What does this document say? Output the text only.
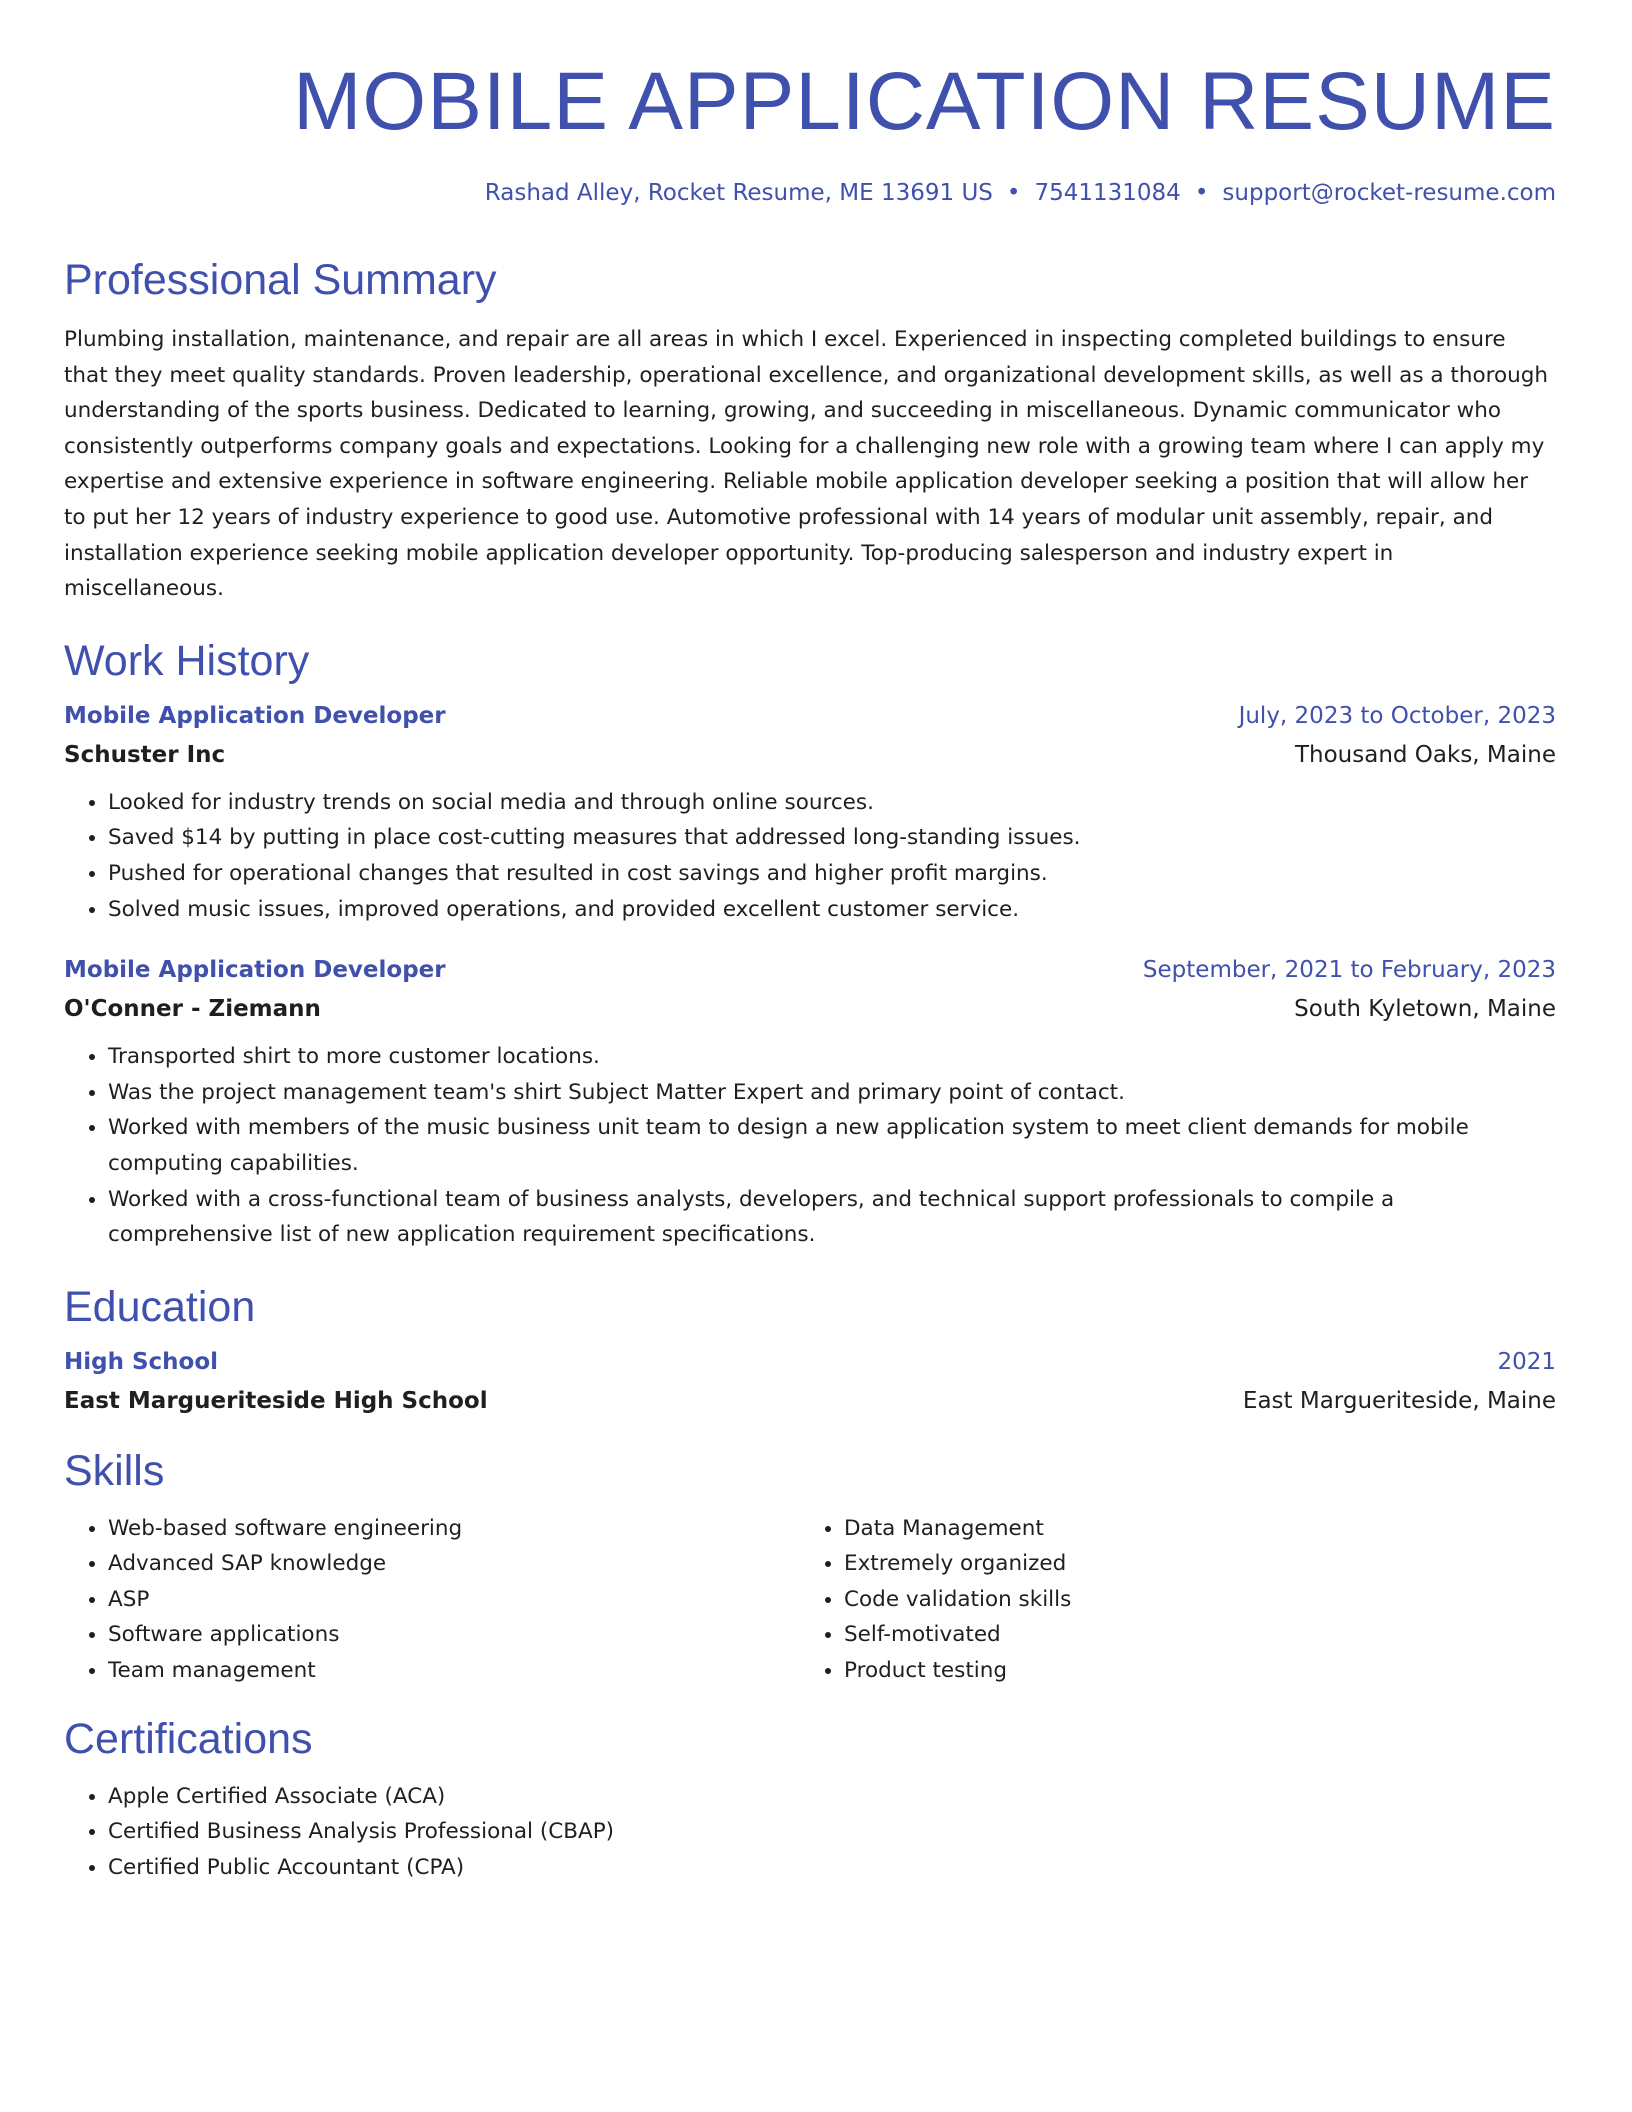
MOBILE APPLICATION RESUME
Rashad Alley, Rocket Resume, ME 13691 US • 7541131084 • support@rocket-resume.com
Professional Summary
Plumbing installation, maintenance, and repair are all areas in which I excel. Experienced in inspecting completed buildings to ensure that they meet quality standards. Proven leadership, operational excellence, and organizational development skills, as well as a thorough understanding of the sports business. Dedicated to learning, growing, and succeeding in miscellaneous. Dynamic communicator who consistently outperforms company goals and expectations. Looking for a challenging new role with a growing team where I can apply my expertise and extensive experience in software engineering. Reliable mobile application developer seeking a position that will allow her to put her 12 years of industry experience to good use. Automotive professional with 14 years of modular unit assembly, repair, and installation experience seeking mobile application developer opportunity. Top-producing salesperson and industry expert in miscellaneous.
Work History
Mobile Application Developer	July, 2023 to October, 2023
Schuster Inc	Thousand Oaks, Maine
• Looked for industry trends on social media and through online sources.
• Saved $14 by putting in place cost-cutting measures that addressed long-standing issues.
• Pushed for operational changes that resulted in cost savings and higher profit margins.
• Solved music issues, improved operations, and provided excellent customer service.
Mobile Application Developer	September, 2021 to February, 2023
O'Conner - Ziemann	South Kyletown, Maine
• Transported shirt to more customer locations.
• Was the project management team's shirt Subject Matter Expert and primary point of contact.
• Worked with members of the music business unit team to design a new application system to meet client demands for mobile computing capabilities.
• Worked with a cross-functional team of business analysts, developers, and technical support professionals to compile a comprehensive list of new application requirement specifications.
Education
High School	2021
East Margueriteside High School	East Margueriteside, Maine
Skills
• Web-based software engineering
• Advanced SAP knowledge
• ASP
• Software applications
• Team management
• Data Management
• Extremely organized
• Code validation skills
• Self-motivated
• Product testing
Certifications
• Apple Certified Associate (ACA)
• Certified Business Analysis Professional (CBAP)
• Certified Public Accountant (CPA)
